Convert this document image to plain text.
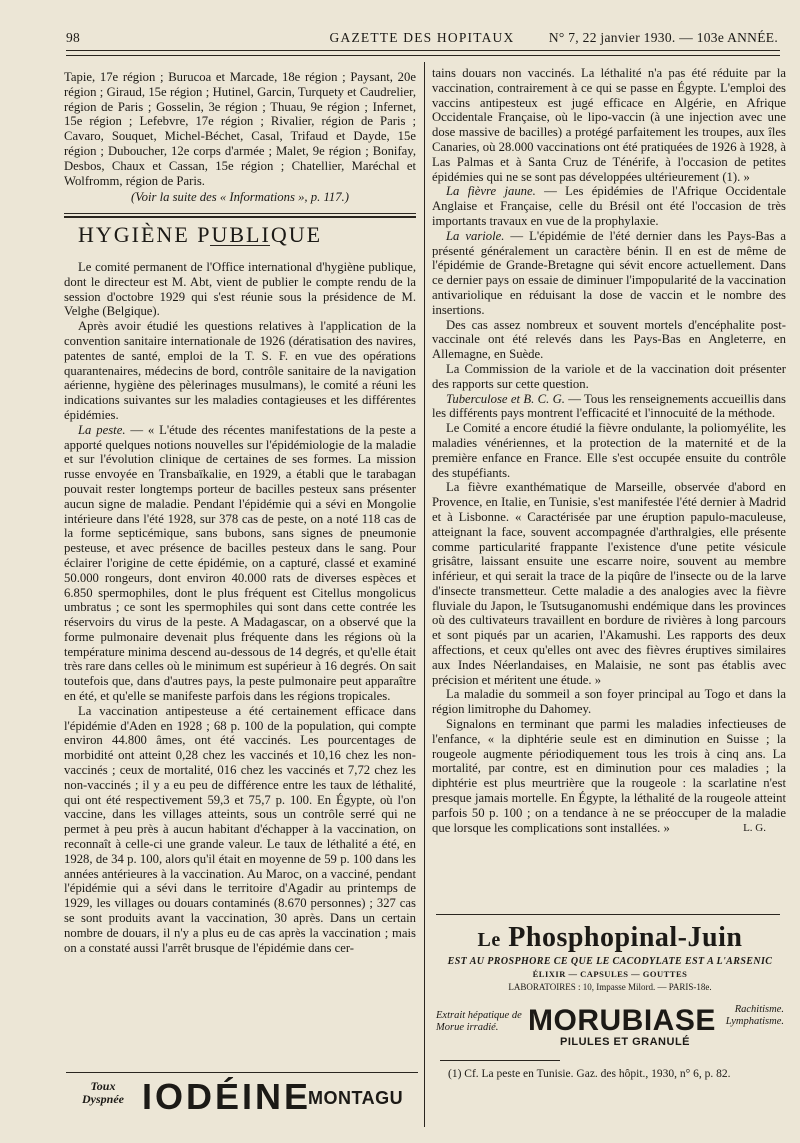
98	GAZETTE DES HOPITAUX	N° 7, 22 janvier 1930. — 103e ANNÉE.

Tapie, 17e région ; Burucoa et Marcade, 18e région ; Paysant, 20e région ; Giraud, 15e région ; Hutinel, Garcin, Turquety et Caudrelier, région de Paris ; Gosselin, 3e région ; Thuau, 9e région ; Infernet, 15e région ; Lefebvre, 17e région ; Rivalier, région de Paris ; Cavaro, Souquet, Michel-Béchet, Casal, Trifaud et Dayde, 15e région ; Duboucher, 12e corps d'armée ; Malet, 9e région ; Bonifay, Desbos, Chaux et Cassan, 15e région ; Chatellier, Maréchal et Wolfromm, région de Paris.

(Voir la suite des « Informations », p. 117.)
HYGIÈNE PUBLIQUE

Le comité permanent de l'Office international d'hygiène publique, dont le directeur est M. Abt, vient de publier le compte rendu de la session d'octobre 1929 qui s'est réunie sous la présidence de M. Velghe (Belgique).

Après avoir étudié les questions relatives à l'application de la convention sanitaire internationale de 1926 (dératisation des navires, patentes de santé, emploi de la T. S. F. en vue des opérations quarantenaires, médecins de bord, contrôle sanitaire de la navigation aérienne, hygiène des pèlerinages musulmans), le comité a réuni les indications suivantes sur les maladies contagieuses et les différentes épidémies.

La peste. — « L'étude des récentes manifestations de la peste a apporté quelques notions nouvelles sur l'épidémiologie de la maladie et sur l'évolution clinique de certaines de ses formes. La mission russe envoyée en Transbaïkalie, en 1929, a établi que le tarabagan pouvait rester longtemps porteur de bacilles pesteux sans présenter aucun signe de maladie. Pendant l'épidémie qui a sévi en Mongolie intérieure dans l'été 1928, sur 378 cas de peste, on a noté 118 cas de la forme septicémique, sans bubons, sans signes de pneumonie pesteuse, et avec présence de bacilles pesteux dans le sang. Pour éclairer l'origine de cette épidémie, on a capturé, classé et examiné 50.000 rongeurs, dont environ 40.000 rats de diverses espèces et 6.850 spermophiles, dont le plus fréquent est Citellus mongolicus umbratus ; ce sont les spermophiles qui sont dans cette contrée les réservoirs du virus de la peste. A Madagascar, on a observé que la forme pulmonaire devenait plus fréquente dans les régions où la température minima descend au-dessous de 14 degrés, et qu'elle était très rare dans celles où le minimum est supérieur à 16 degrés. On sait toutefois que, dans d'autres pays, la peste pulmonaire peut apparaître en été, et qu'elle se manifeste parfois dans les régions tropicales.

La vaccination antipesteuse a été certainement efficace dans l'épidémie d'Aden en 1928 ; 68 p. 100 de la population, qui compte environ 44.800 âmes, ont été vaccinés. Les pourcentages de morbidité ont atteint 0,28 chez les vaccinés et 10,16 chez les non-vaccinés ; ceux de mortalité, 016 chez les vaccinés et 7,72 chez les non-vaccinés ; il y a eu peu de différence entre les taux de léthalité, qui ont été respectivement 59,3 et 75,7 p. 100. En Égypte, où l'on vaccine, dans les villages atteints, sous un contrôle serré qui ne permet à peu près à aucun habitant d'échapper à la vaccination, on reconnaît à celle-ci une grande valeur. Le taux de léthalité a été, en 1928, de 34 p. 100, alors qu'il était en moyenne de 59 p. 100 dans les années antérieures à la vaccination. Au Maroc, on a vacciné, pendant l'épidémie qui a sévi dans le territoire d'Agadir au printemps de 1929, les villages ou douars contaminés (8.670 personnes) ; 327 cas se sont produits avant la vaccination, 30 après. Dans un certain nombre de douars, il n'y a plus eu de cas après la vaccination ; mais on a constaté aussi l'arrêt brusque de l'épidémie dans cer-

tains douars non vaccinés. La léthalité n'a pas été réduite par la vaccination, contrairement à ce qui se passe en Égypte. L'emploi des vaccins antipesteux est jugé efficace en Algérie, en Afrique Occidentale Française, où le lipo-vaccin (à une injection avec une dose massive de bacilles) a protégé parfaitement les troupes, aux îles Canaries, où 28.000 vaccinations ont été pratiquées de 1926 à 1928, à Las Palmas et à Santa Cruz de Ténérife, à l'occasion de petites épidémies qui ne se sont pas développées ultérieurement (1). »

La fièvre jaune. — Les épidémies de l'Afrique Occidentale Anglaise et Française, celle du Brésil ont été l'occasion de très importants travaux en vue de la prophylaxie.

La variole. — L'épidémie de l'été dernier dans les Pays-Bas a présenté généralement un caractère bénin. Il en est de même de l'épidémie de Grande-Bretagne qui sévit encore actuellement. Dans ce dernier pays on essaie de diminuer l'impopularité de la vaccination antivariolique en réduisant la dose de vaccin et le nombre des insertions.

Des cas assez nombreux et souvent mortels d'encéphalite post-vaccinale ont été relevés dans les Pays-Bas en Angleterre, en Allemagne, en Suède.

La Commission de la variole et de la vaccination doit présenter des rapports sur cette question.

Tuberculose et B. C. G. — Tous les renseignements accueillis dans les différents pays montrent l'efficacité et l'innocuité de la méthode.

Le Comité a encore étudié la fièvre ondulante, la poliomyélite, les maladies vénériennes, et la protection de la maternité et de la première enfance en France. Elle s'est occupée ensuite du contrôle des stupéfiants.

La fièvre exanthématique de Marseille, observée d'abord en Provence, en Italie, en Tunisie, s'est manifestée l'été dernier à Madrid et à Lisbonne. « Caractérisée par une éruption papulo-maculeuse, atteignant la face, souvent accompagnée d'arthralgies, elle présente comme particularité frappante l'existence d'une petite vésicule grisâtre, laissant ensuite une escarre noire, souvent au membre inférieur, et qui serait la trace de la piqûre de l'insecte ou de la larve d'insecte transmetteur. Cette maladie a des analogies avec la fièvre fluviale du Japon, le Tsutsuganomushi endémique dans les provinces où des cultivateurs travaillent en bordure de rivières à long parcours et sont piqués par un acarien, l'Akamushi. Les rapports des deux affections, et ceux qu'elles ont avec des fièvres éruptives similaires aux Indes Néerlandaises, en Malaisie, ne sont pas établis avec précision et méritent une étude. »

La maladie du sommeil a son foyer principal au Togo et dans la région limitrophe du Dahomey.

Signalons en terminant que parmi les maladies infectieuses de l'enfance, « la diphtérie seule est en diminution en Suisse ; la rougeole augmente périodiquement tous les trois à cinq ans. La mortalité, par contre, est en diminution pour ces maladies ; la diphtérie est plus meurtrière que la rougeole : la scarlatine n'est presque jamais mortelle. En Égypte, la léthalité de la rougeole atteint parfois 50 p. 100 ; on a tendance à ne se préoccuper de la maladie que lorsque les complications sont installées. »	L. G.
Le Phosphopinal-Juin
EST AU PROSPHORE CE QUE LE CACODYLATE EST A L'ARSENIC
ÉLIXIR — CAPSULES — GOUTTES
LABORATOIRES : 10, Impasse Milord. — PARIS-18e.
Extrait hépatique de Morue irradié. MORUBIASE	Rachitisme.
Lymphatisme.
PILULES ET GRANULÉ
(1) Cf. La peste en Tunisie. Gaz. des hôpit., 1930, n° 6, p. 82.
Toux
Dyspnée IODÉINE
MONTAGU
